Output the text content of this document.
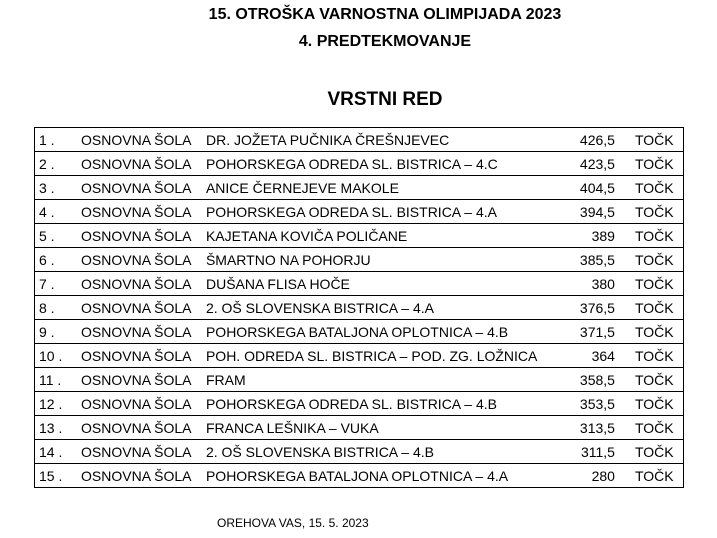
15. OTROŠKA VARNOSTNA OLIMPIJADA 2023
4. PREDTEKMOVANJE
VRSTNI RED
1 .	OSNOVNA ŠOLA	DR. JOŽETA PUČNIKA ČREŠNJEVEC	426,5	TOČK
2 .	OSNOVNA ŠOLA	POHORSKEGA ODREDA SL. BISTRICA – 4.C	423,5	TOČK
3 .	OSNOVNA ŠOLA	ANICE ČERNEJEVE MAKOLE	404,5	TOČK
4 .	OSNOVNA ŠOLA	POHORSKEGA ODREDA SL. BISTRICA – 4.A	394,5	TOČK
5 .	OSNOVNA ŠOLA	KAJETANA KOVIČA POLIČANE	389	TOČK
6 .	OSNOVNA ŠOLA	ŠMARTNO NA POHORJU	385,5	TOČK
7 .	OSNOVNA ŠOLA	DUŠANA FLISA HOČE	380	TOČK
8 .	OSNOVNA ŠOLA	2. OŠ SLOVENSKA BISTRICA – 4.A	376,5	TOČK
9 .	OSNOVNA ŠOLA	POHORSKEGA BATALJONA OPLOTNICA – 4.B	371,5	TOČK
10 .	OSNOVNA ŠOLA	POH. ODREDA SL. BISTRICA – POD. ZG. LOŽNICA	364	TOČK
11 .	OSNOVNA ŠOLA	FRAM	358,5	TOČK
12 .	OSNOVNA ŠOLA	POHORSKEGA ODREDA SL. BISTRICA – 4.B	353,5	TOČK
13 .	OSNOVNA ŠOLA	FRANCA LEŠNIKA – VUKA	313,5	TOČK
14 .	OSNOVNA ŠOLA	2. OŠ SLOVENSKA BISTRICA – 4.B	311,5	TOČK
15 .	OSNOVNA ŠOLA	POHORSKEGA BATALJONA OPLOTNICA – 4.A	280	TOČK
OREHOVA VAS, 15. 5. 2023
